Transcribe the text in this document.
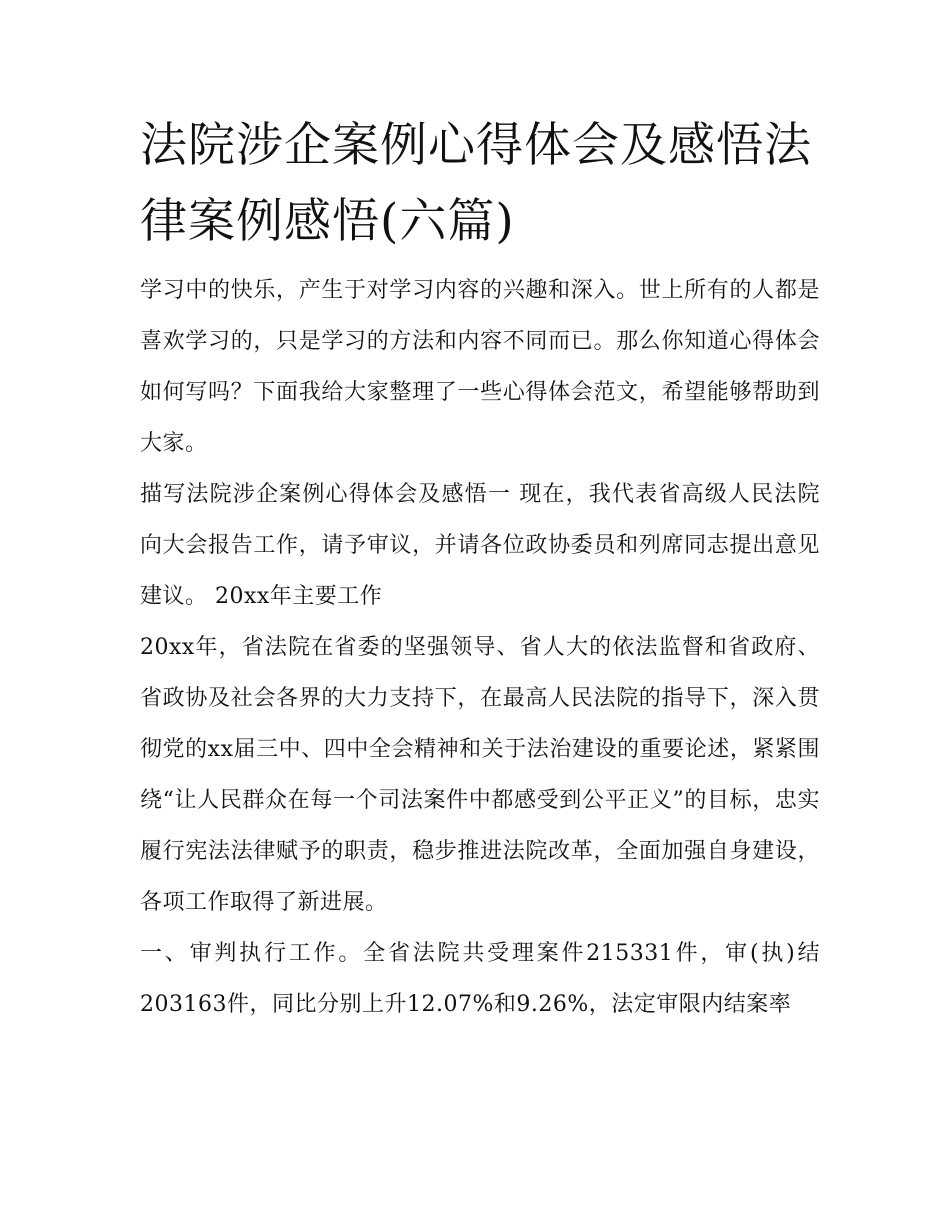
法院涉企案例心得体会及感悟法律案例感悟(六篇)

学习中的快乐，产生于对学习内容的兴趣和深入。世上所有的人都是喜欢学习的，只是学习的方法和内容不同而已。那么你知道心得体会如何写吗？下面我给大家整理了一些心得体会范文，希望能够帮助到大家。

描写法院涉企案例心得体会及感悟一 现在，我代表省高级人民法院向大会报告工作，请予审议，并请各位政协委员和列席同志提出意见建议。 20xx年主要工作

20xx年，省法院在省委的坚强领导、省人大的依法监督和省政府、省政协及社会各界的大力支持下，在最高人民法院的指导下，深入贯彻党的xx届三中、四中全会精神和关于法治建设的重要论述，紧紧围绕“让人民群众在每一个司法案件中都感受到公平正义”的目标，忠实履行宪法法律赋予的职责，稳步推进法院改革，全面加强自身建设，各项工作取得了新进展。

一、审判执行工作。全省法院共受理案件215331件，审(执)结203163件，同比分别上升12.07%和9.26%，法定审限内结案率
